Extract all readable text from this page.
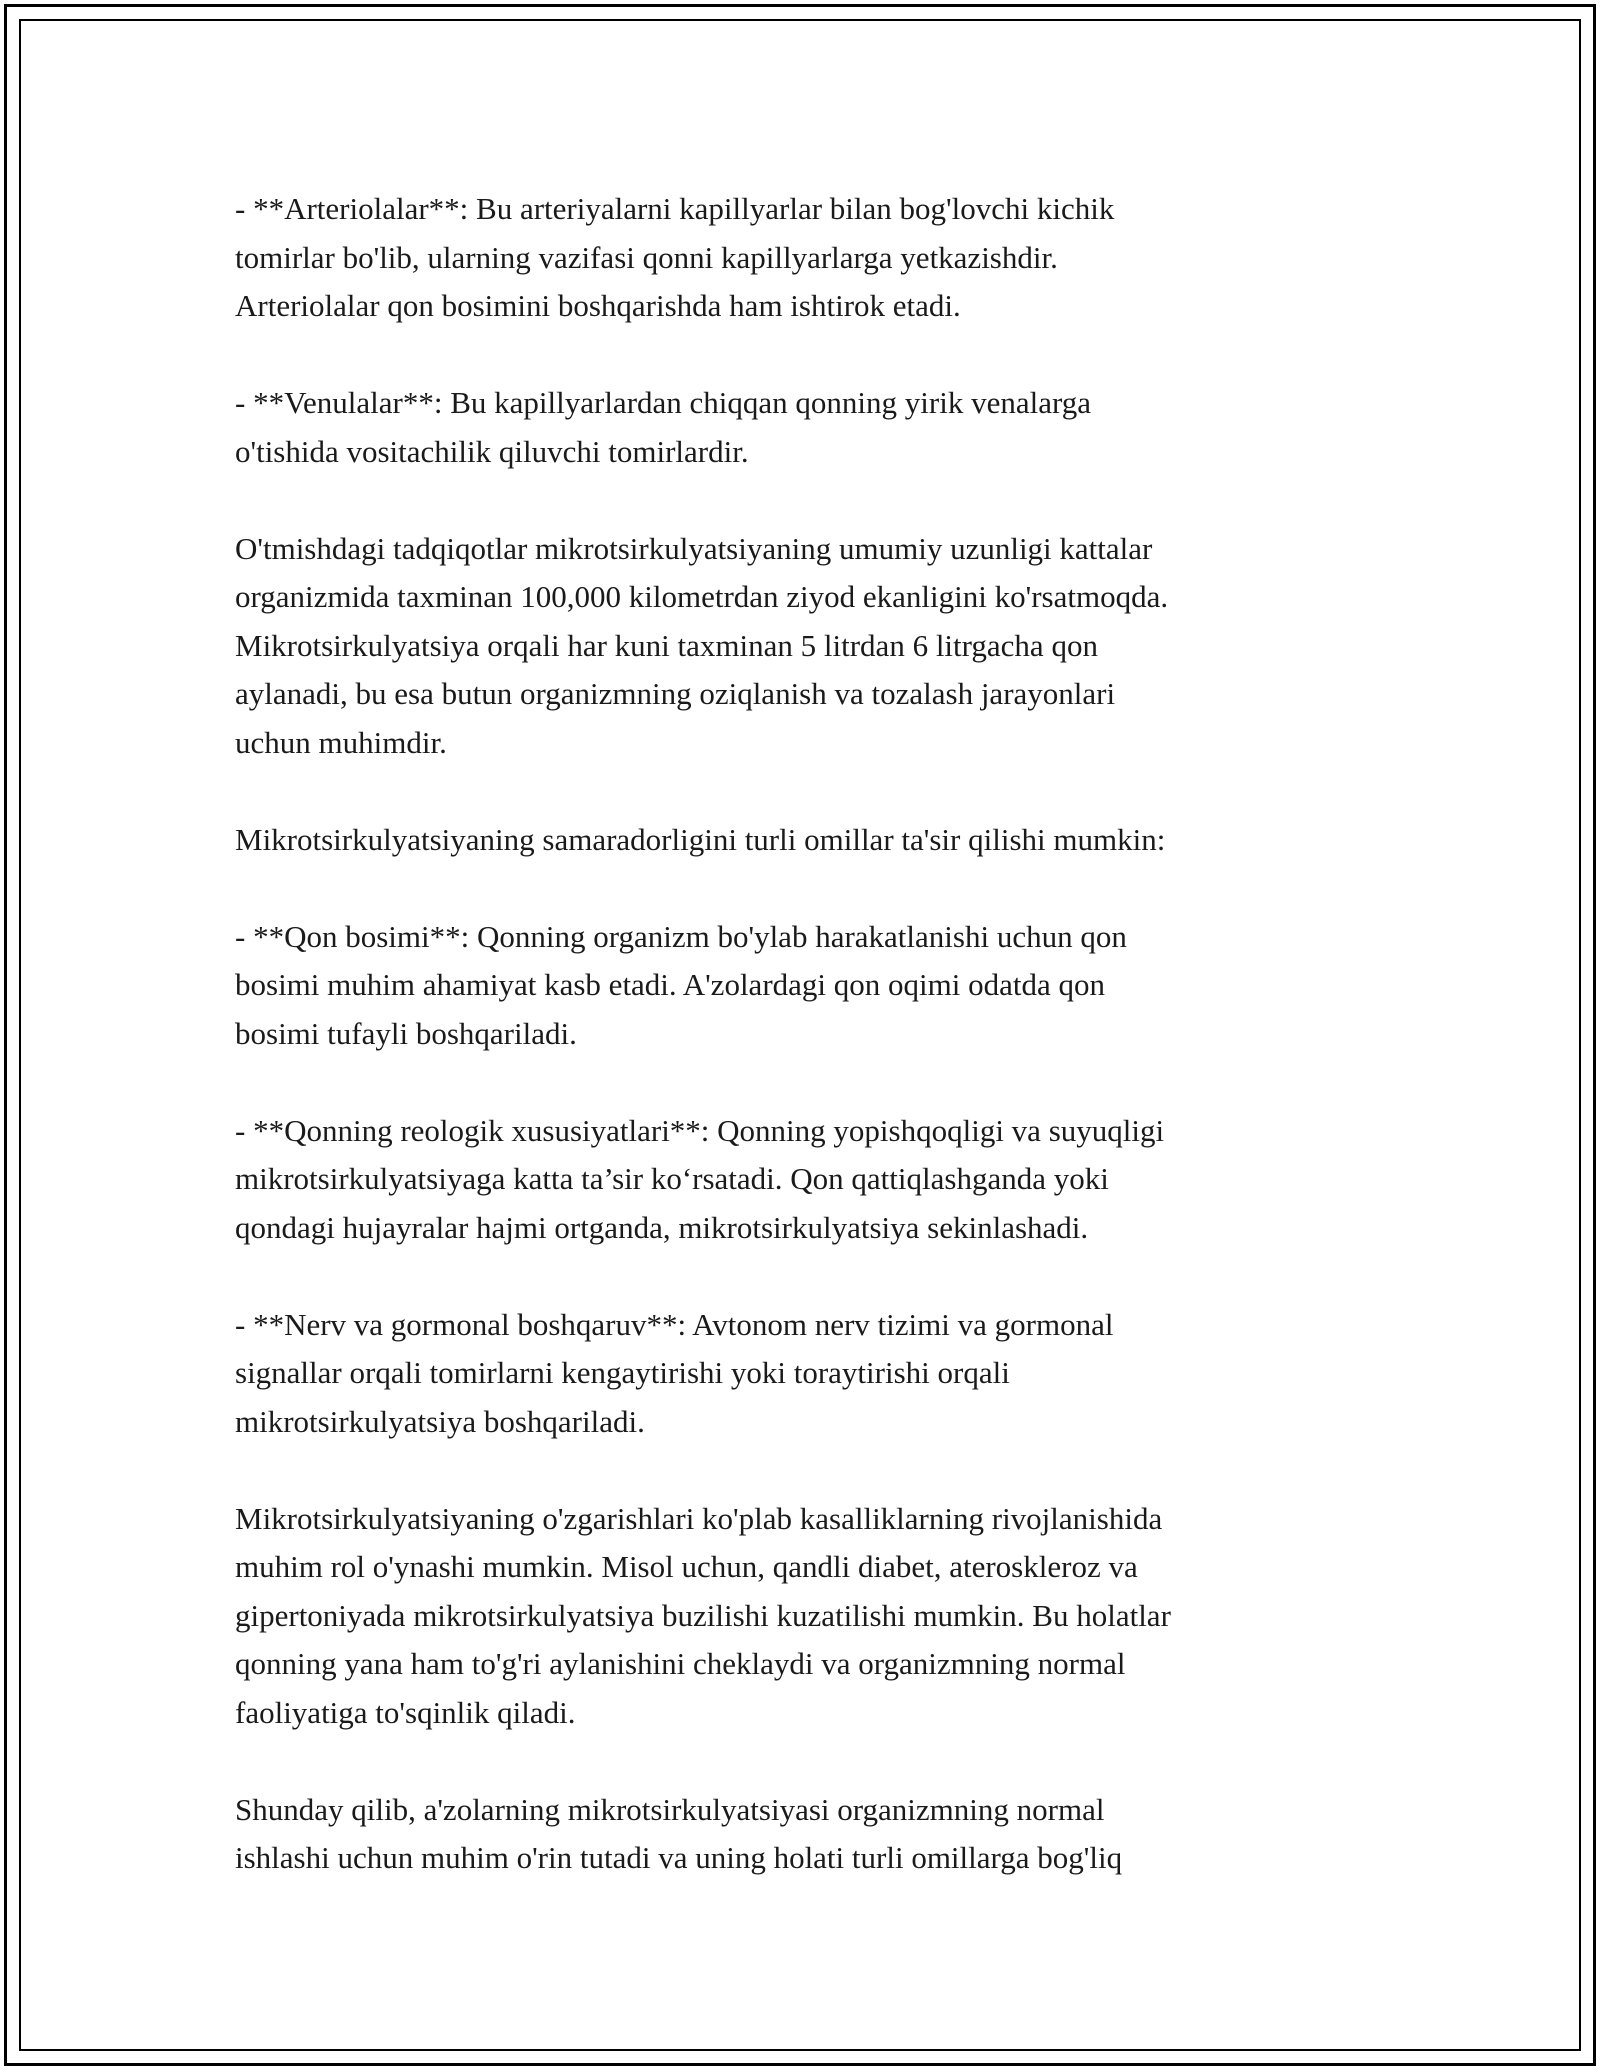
- **Arteriolalar**: Bu arteriyalarni kapillyarlar bilan bog'lovchi kichik
tomirlar bo'lib, ularning vazifasi qonni kapillyarlarga yetkazishdir.
Arteriolalar qon bosimini boshqarishda ham ishtirok etadi.

- **Venulalar**: Bu kapillyarlardan chiqqan qonning yirik venalarga
o'tishida vositachilik qiluvchi tomirlardir.

O'tmishdagi tadqiqotlar mikrotsirkulyatsiyaning umumiy uzunligi kattalar
organizmida taxminan 100,000 kilometrdan ziyod ekanligini ko'rsatmoqda.
Mikrotsirkulyatsiya orqali har kuni taxminan 5 litrdan 6 litrgacha qon
aylanadi, bu esa butun organizmning oziqlanish va tozalash jarayonlari
uchun muhimdir.

Mikrotsirkulyatsiyaning samaradorligini turli omillar ta'sir qilishi mumkin:

- **Qon bosimi**: Qonning organizm bo'ylab harakatlanishi uchun qon
bosimi muhim ahamiyat kasb etadi. A'zolardagi qon oqimi odatda qon
bosimi tufayli boshqariladi.

- **Qonning reologik xususiyatlari**: Qonning yopishqoqligi va suyuqligi
mikrotsirkulyatsiyaga katta ta’sir ko‘rsatadi. Qon qattiqlashganda yoki
qondagi hujayralar hajmi ortganda, mikrotsirkulyatsiya sekinlashadi.

- **Nerv va gormonal boshqaruv**: Avtonom nerv tizimi va gormonal
signallar orqali tomirlarni kengaytirishi yoki toraytirishi orqali
mikrotsirkulyatsiya boshqariladi.

Mikrotsirkulyatsiyaning o'zgarishlari ko'plab kasalliklarning rivojlanishida
muhim rol o'ynashi mumkin. Misol uchun, qandli diabet, ateroskleroz va
gipertoniyada mikrotsirkulyatsiya buzilishi kuzatilishi mumkin. Bu holatlar
qonning yana ham to'g'ri aylanishini cheklaydi va organizmning normal
faoliyatiga to'sqinlik qiladi.

Shunday qilib, a'zolarning mikrotsirkulyatsiyasi organizmning normal
ishlashi uchun muhim o'rin tutadi va uning holati turli omillarga bog'liq
